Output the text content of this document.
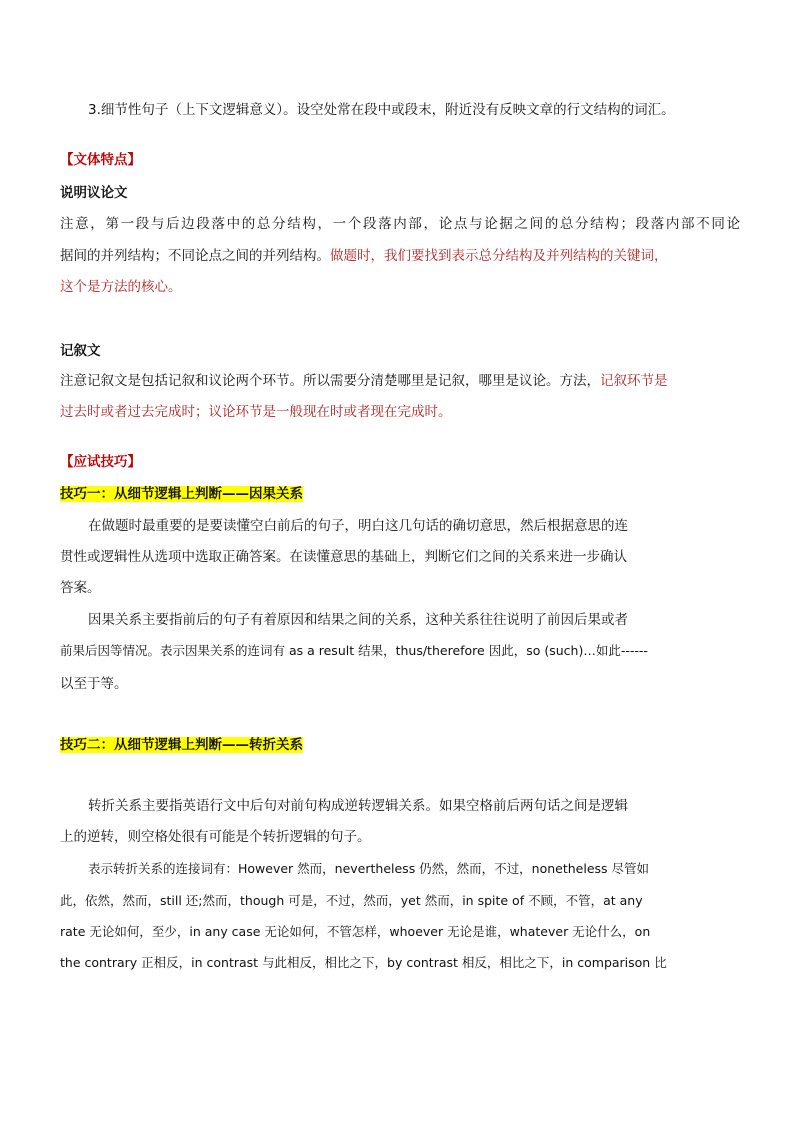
3.细节性句子（上下文逻辑意义）。设空处常在段中或段末，附近没有反映文章的行文结构的词汇。
【文体特点】
说明议论文
注意，第一段与后边段落中的总分结构，一个段落内部，论点与论据之间的总分结构；段落内部不同论
据间的并列结构；不同论点之间的并列结构。做题时，我们要找到表示总分结构及并列结构的关键词，
这个是方法的核心。
记叙文
注意记叙文是包括记叙和议论两个环节。所以需要分清楚哪里是记叙，哪里是议论。方法，记叙环节是
过去时或者过去完成时；议论环节是一般现在时或者现在完成时。
【应试技巧】
技巧一：从细节逻辑上判断——因果关系
在做题时最重要的是要读懂空白前后的句子，明白这几句话的确切意思，然后根据意思的连
贯性或逻辑性从选项中选取正确答案。在读懂意思的基础上，判断它们之间的关系来进一步确认
答案。
因果关系主要指前后的句子有着原因和结果之间的关系，这种关系往往说明了前因后果或者
前果后因等情况。表示因果关系的连词有 as a result 结果，thus/therefore 因此，so (such)…如此------
以至于等。
技巧二：从细节逻辑上判断——转折关系
转折关系主要指英语行文中后句对前句构成逆转逻辑关系。如果空格前后两句话之间是逻辑
上的逆转，则空格处很有可能是个转折逻辑的句子。
表示转折关系的连接词有：However 然而，nevertheless 仍然，然而，不过，nonetheless 尽管如
此，依然，然而，still 还;然而，though 可是，不过，然而，yet 然而，in spite of 不顾，不管，at any
rate 无论如何，至少，in any case 无论如何，不管怎样，whoever 无论是谁，whatever 无论什么，on
the contrary 正相反，in contrast 与此相反，相比之下，by contrast 相反，相比之下，in comparison 比
